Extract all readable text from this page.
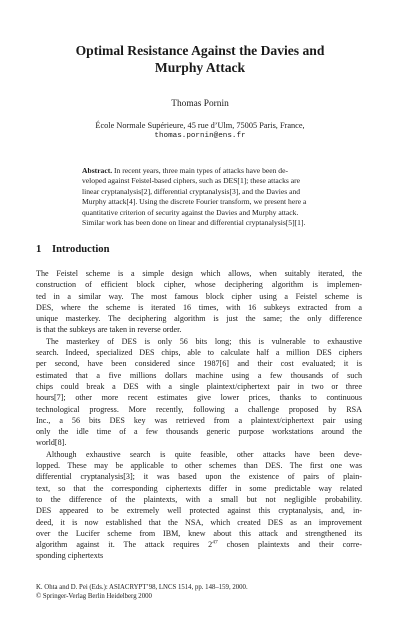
Optimal Resistance Against the Davies and
Murphy Attack
Thomas Pornin
École Normale Supérieure, 45 rue d’Ulm, 75005 Paris, France,
thomas.pornin@ens.fr
Abstract. In recent years, three main types of attacks have been de-
veloped against Feistel-based ciphers, such as DES[1]; these attacks are
linear cryptanalysis[2], differential cryptanalysis[3], and the Davies and
Murphy attack[4]. Using the discrete Fourier transform, we present here a
quantitative criterion of security against the Davies and Murphy attack.
Similar work has been done on linear and differential cryptanalysis[5][1].
1 Introduction
The Feistel scheme is a simple design which allows, when suitably iterated, the
construction of efficient block cipher, whose deciphering algorithm is implemen-
ted in a similar way. The most famous block cipher using a Feistel scheme is
DES, where the scheme is iterated 16 times, with 16 subkeys extracted from a
unique masterkey. The deciphering algorithm is just the same; the only difference
is that the subkeys are taken in reverse order.
The masterkey of DES is only 56 bits long; this is vulnerable to exhaustive
search. Indeed, specialized DES chips, able to calculate half a million DES ciphers
per second, have been considered since 1987[6] and their cost evaluated; it is
estimated that a five millions dollars machine using a few thousands of such
chips could break a DES with a single plaintext/ciphertext pair in two or three
hours[7]; other more recent estimates give lower prices, thanks to continuous
technological progress. More recently, following a challenge proposed by RSA
Inc., a 56 bits DES key was retrieved from a plaintext/ciphertext pair using
only the idle time of a few thousands generic purpose workstations around the
world[8].
Although exhaustive search is quite feasible, other attacks have been deve-
lopped. These may be applicable to other schemes than DES. The first one was
differential cryptanalysis[3]; it was based upon the existence of pairs of plain-
text, so that the corresponding ciphertexts differ in some predictable way related
to the difference of the plaintexts, with a small but not negligible probability.
DES appeared to be extremely well protected against this cryptanalysis, and, in-
deed, it is now established that the NSA, which created DES as an improvement
over the Lucifer scheme from IBM, knew about this attack and strengthened its
algorithm against it. The attack requires $2^{47}$ chosen plaintexts and their corre-
sponding ciphertexts
K. Ohta and D. Pei (Eds.): ASIACRYPT’98, LNCS 1514, pp. 148–159, 2000.
© Springer-Verlag Berlin Heidelberg 2000
